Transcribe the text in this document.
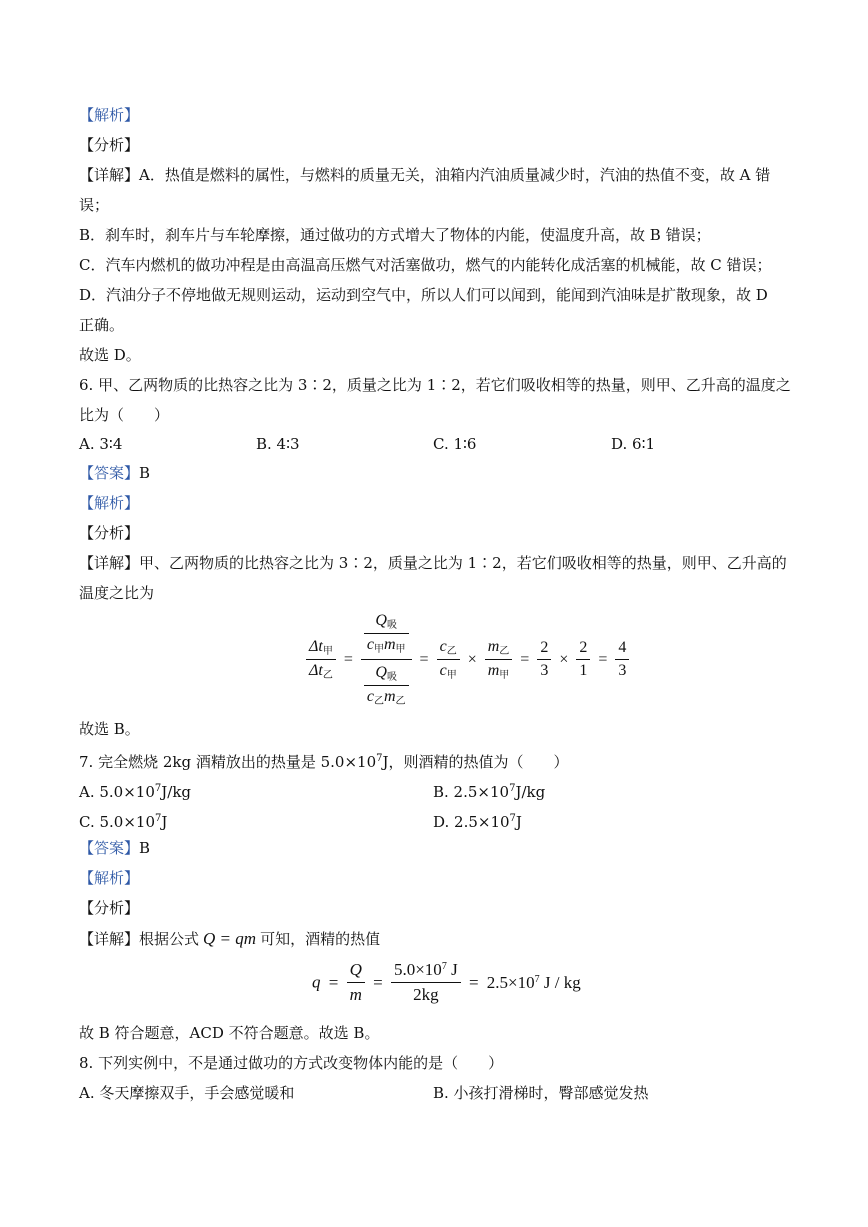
【解析】
【分析】
【详解】A．热值是燃料的属性，与燃料的质量无关，油箱内汽油质量减少时，汽油的热值不变，故 A 错
误；
B．刹车时，刹车片与车轮摩擦，通过做功的方式增大了物体的内能，使温度升高，故 B 错误；
C．汽车内燃机的做功冲程是由高温高压燃气对活塞做功，燃气的内能转化成活塞的机械能，故 C 错误；
D．汽油分子不停地做无规则运动，运动到空气中，所以人们可以闻到，能闻到汽油味是扩散现象，故 D
正确。
故选 D。
6. 甲、乙两物质的比热容之比为 3∶2，质量之比为 1∶2，若它们吸收相等的热量，则甲、乙升高的温度之
比为（　　）
A. 3∶4	B. 4∶3	C. 1∶6	D. 6∶1
【答案】B
【解析】
【分析】
【详解】甲、乙两物质的比热容之比为 3∶2，质量之比为 1∶2，若它们吸收相等的热量，则甲、乙升高的
温度之比为
$\frac{\Delta t_甲}{\Delta t_乙} = \frac{\frac{Q_吸}{c_甲m_甲}}{\frac{Q_吸}{c_乙m_乙}} = \frac{c_乙}{c_甲} \times \frac{m_乙}{m_甲} = \frac{2}{3} \times \frac{2}{1} = \frac{4}{3}$
故选 B。
7. 完全燃烧 2kg 酒精放出的热量是 $5.0\times 10^7J$，则酒精的热值为（　　）
A. $5.0\times 10^7J/kg$	B. $2.5\times 10^7J/kg$
C. $5.0\times 10^7J$	D. $2.5\times 10^7J$
【答案】B
【解析】
【分析】
【详解】根据公式 Q = qm 可知，酒精的热值
$q = \frac{Q}{m} = \frac{5.0\times 10^7 J}{2kg} = 2.5\times 10^7$ J / kg
故 B 符合题意，ACD 不符合题意。故选 B。
8. 下列实例中，不是通过做功的方式改变物体内能的是（　　）
A. 冬天摩擦双手，手会感觉暖和	B. 小孩打滑梯时，臀部感觉发热
